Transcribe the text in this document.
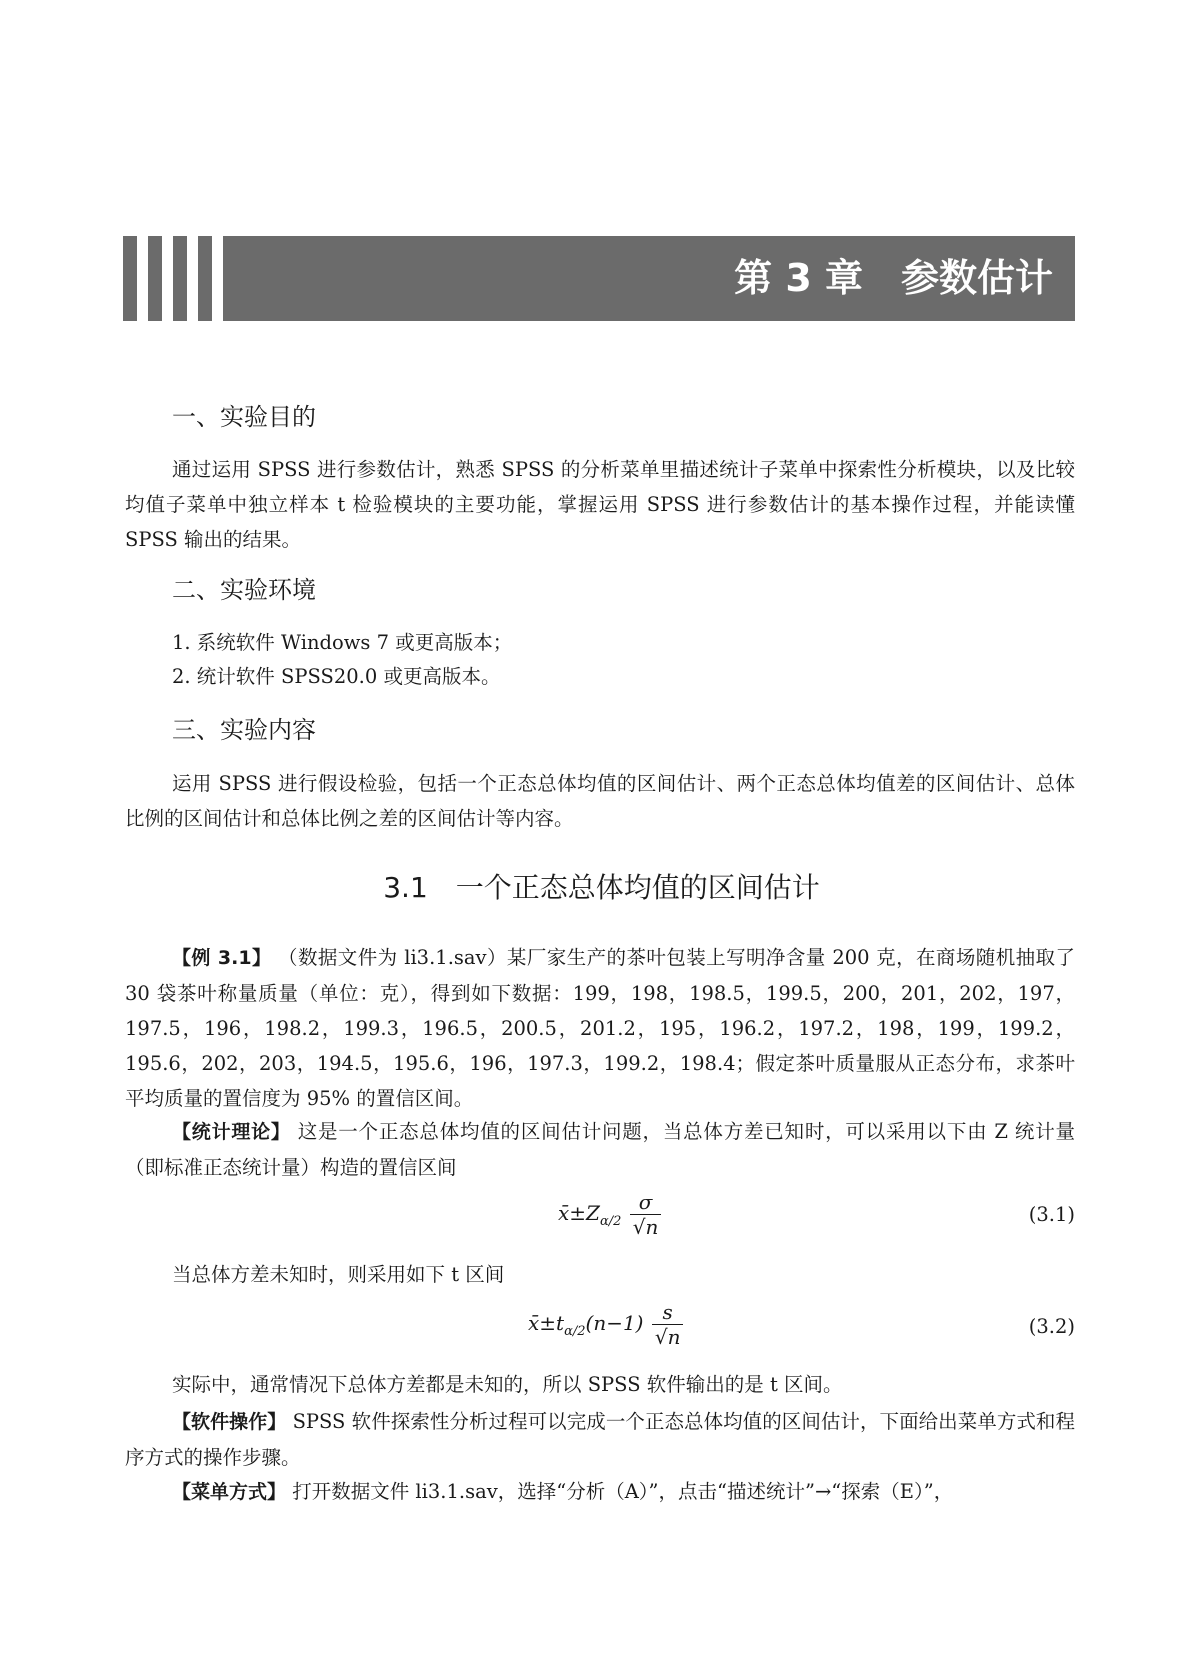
第 3 章　参数估计
一、实验目的

通过运用 SPSS 进行参数估计，熟悉 SPSS 的分析菜单里描述统计子菜单中探索性分析模块，以及比较均值子菜单中独立样本 t 检验模块的主要功能，掌握运用 SPSS 进行参数估计的基本操作过程，并能读懂 SPSS 输出的结果。

二、实验环境
1. 系统软件 Windows 7 或更高版本；
2. 统计软件 SPSS20.0 或更高版本。
三、实验内容

运用 SPSS 进行假设检验，包括一个正态总体均值的区间估计、两个正态总体均值差的区间估计、总体比例的区间估计和总体比例之差的区间估计等内容。

3.1　一个正态总体均值的区间估计

【例 3.1】 （数据文件为 li3.1.sav）某厂家生产的茶叶包装上写明净含量 200 克，在商场随机抽取了 30 袋茶叶称量质量（单位：克），得到如下数据：199，198，198.5，199.5，200，201，202，197，197.5，196，198.2，199.3，196.5，200.5，201.2，195，196.2，197.2，198，199，199.2，195.6，202，203，194.5，195.6，196，197.3，199.2，198.4；假定茶叶质量服从正态分布，求茶叶平均质量的置信度为 95% 的置信区间。

【统计理论】 这是一个正态总体均值的区间估计问题，当总体方差已知时，可以采用以下由 Z 统计量（即标准正态统计量）构造的置信区间

$x̄\pm Z_{\alpha/2} \frac{\sigma}{√n}$	(3.1)
当总体方差未知时，则采用如下 t 区间
$x̄\pm t_{\alpha/2}(n-1) \frac{s}{√n}$	(3.2)
实际中，通常情况下总体方差都是未知的，所以 SPSS 软件输出的是 t 区间。

【软件操作】 SPSS 软件探索性分析过程可以完成一个正态总体均值的区间估计，下面给出菜单方式和程序方式的操作步骤。

【菜单方式】 打开数据文件 li3.1.sav，选择“分析（A）”，点击“描述统计”→“探索（E）”，
